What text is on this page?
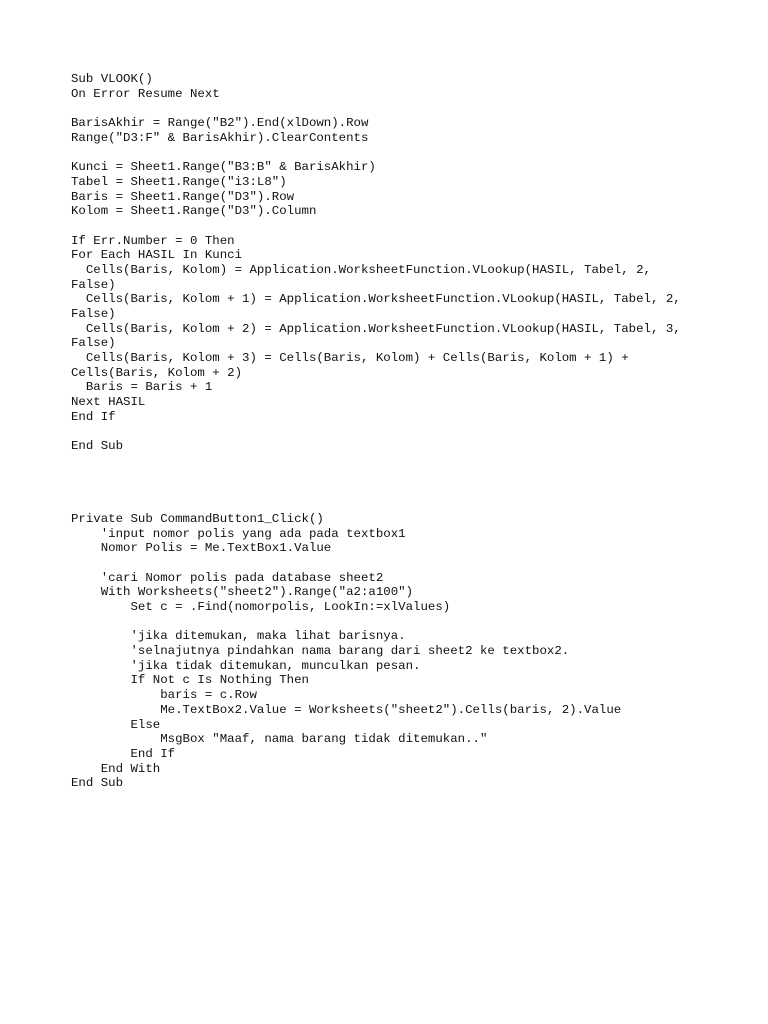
Sub VLOOK()
On Error Resume Next
BarisAkhir = Range("B2").End(xlDown).Row
Range("D3:F" & BarisAkhir).ClearContents
Kunci = Sheet1.Range("B3:B" & BarisAkhir)
Tabel = Sheet1.Range("i3:L8")
Baris = Sheet1.Range("D3").Row
Kolom = Sheet1.Range("D3").Column
If Err.Number = 0 Then
For Each HASIL In Kunci
Cells(Baris, Kolom) = Application.WorksheetFunction.VLookup(HASIL, Tabel, 2,
False)
Cells(Baris, Kolom + 1) = Application.WorksheetFunction.VLookup(HASIL, Tabel, 2,
False)
Cells(Baris, Kolom + 2) = Application.WorksheetFunction.VLookup(HASIL, Tabel, 3,
False)
Cells(Baris, Kolom + 3) = Cells(Baris, Kolom) + Cells(Baris, Kolom + 1) +
Cells(Baris, Kolom + 2)
Baris = Baris + 1
Next HASIL
End If
End Sub
Private Sub CommandButton1_Click()
'input nomor polis yang ada pada textbox1
Nomor Polis = Me.TextBox1.Value
'cari Nomor polis pada database sheet2
With Worksheets("sheet2").Range("a2:a100")
Set c = .Find(nomorpolis, LookIn:=xlValues)
'jika ditemukan, maka lihat barisnya.
'selnajutnya pindahkan nama barang dari sheet2 ke textbox2.
'jika tidak ditemukan, munculkan pesan.
If Not c Is Nothing Then
baris = c.Row
Me.TextBox2.Value = Worksheets("sheet2").Cells(baris, 2).Value
Else
MsgBox "Maaf, nama barang tidak ditemukan.."
End If
End With
End Sub
